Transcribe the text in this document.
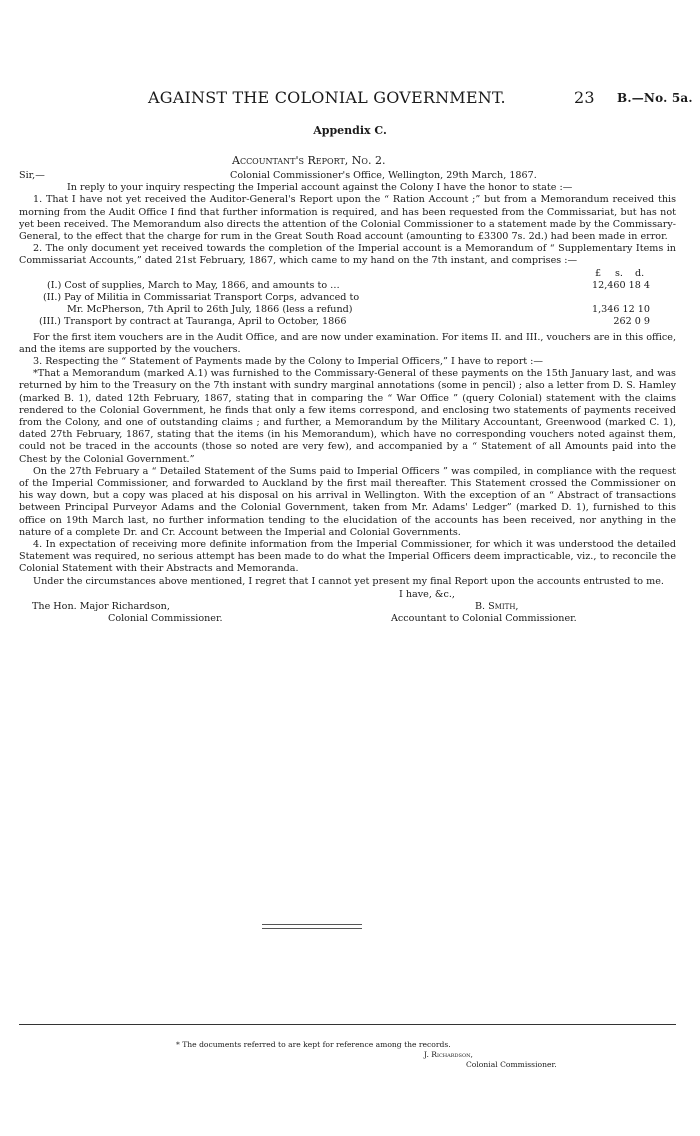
AGAINST THE COLONIAL GOVERNMENT.	23 B.—No. 5a.
Appendix C.
Accountant's Report, No. 2.
Sir,—	Colonial Commissioner's Office, Wellington, 29th March, 1867.

In reply to your inquiry respecting the Imperial account against the Colony I have the honor to state :—

1. That I have not yet received the Auditor-General's Report upon the “ Ration Account ;” but from a Memorandum received this morning from the Audit Office I find that further information is required, and has been requested from the Commissariat, but has not yet been received. The Memorandum also directs the attention of the Colonial Commissioner to a statement made by the Commissary-General, to the effect that the charge for rum in the Great South Road account (amounting to £3300 7s. 2d.) had been made in error.

2. The only document yet received towards the completion of the Imperial account is a Memorandum of “ Supplementary Items in Commissariat Accounts,” dated 21st February, 1867, which came to my hand on the 7th instant, and comprises :—

£ s. d.
(I.) Cost of supplies, March to May, 1866, and amounts to …	12,460 18 4
(II.) Pay of Militia in Commissariat Transport Corps, advanced to
Mr. McPherson, 7th April to 26th July, 1866 (less a refund)	1,346 12 10
(III.) Transport by contract at Tauranga, April to October, 1866	262 0 9

For the first item vouchers are in the Audit Office, and are now under examination. For items II. and III., vouchers are in this office, and the items are supported by the vouchers.

3. Respecting the “ Statement of Payments made by the Colony to Imperial Officers,” I have to report :—

*That a Memorandum (marked A.1) was furnished to the Commissary-General of these payments on the 15th January last, and was returned by him to the Treasury on the 7th instant with sundry marginal annotations (some in pencil) ; also a letter from D. S. Hamley (marked B. 1), dated 12th February, 1867, stating that in comparing the “ War Office ” (query Colonial) statement with the claims rendered to the Colonial Government, he finds that only a few items correspond, and enclosing two statements of payments received from the Colony, and one of outstanding claims ; and further, a Memorandum by the Military Accountant, Greenwood (marked C. 1), dated 27th February, 1867, stating that the items (in his Memorandum), which have no corresponding vouchers noted against them, could not be traced in the accounts (those so noted are very few), and accompanied by a “ Statement of all Amounts paid into the Chest by the Colonial Government.”

On the 27th February a “ Detailed Statement of the Sums paid to Imperial Officers ” was compiled, in compliance with the request of the Imperial Commissioner, and forwarded to Auckland by the first mail thereafter. This Statement crossed the Commissioner on his way down, but a copy was placed at his disposal on his arrival in Wellington. With the exception of an “ Abstract of transactions between Principal Purveyor Adams and the Colonial Government, taken from Mr. Adams' Ledger” (marked D. 1), furnished to this office on 19th March last, no further information tending to the elucidation of the accounts has been received, nor anything in the nature of a complete Dr. and Cr. Account between the Imperial and Colonial Governments.

4. In expectation of receiving more definite information from the Imperial Commissioner, for which it was understood the detailed Statement was required, no serious attempt has been made to do what the Imperial Officers deem impracticable, viz., to reconcile the Colonial Statement with their Abstracts and Memoranda.

Under the circumstances above mentioned, I regret that I cannot yet present my final Report upon the accounts entrusted to me.

I have, &c.,
B. Smith,
The Hon. Major Richardson,
Colonial Commissioner.	Accountant to Colonial Commissioner.
* The documents referred to are kept for reference among the records.
J. Richardson,
Colonial Commissioner.
